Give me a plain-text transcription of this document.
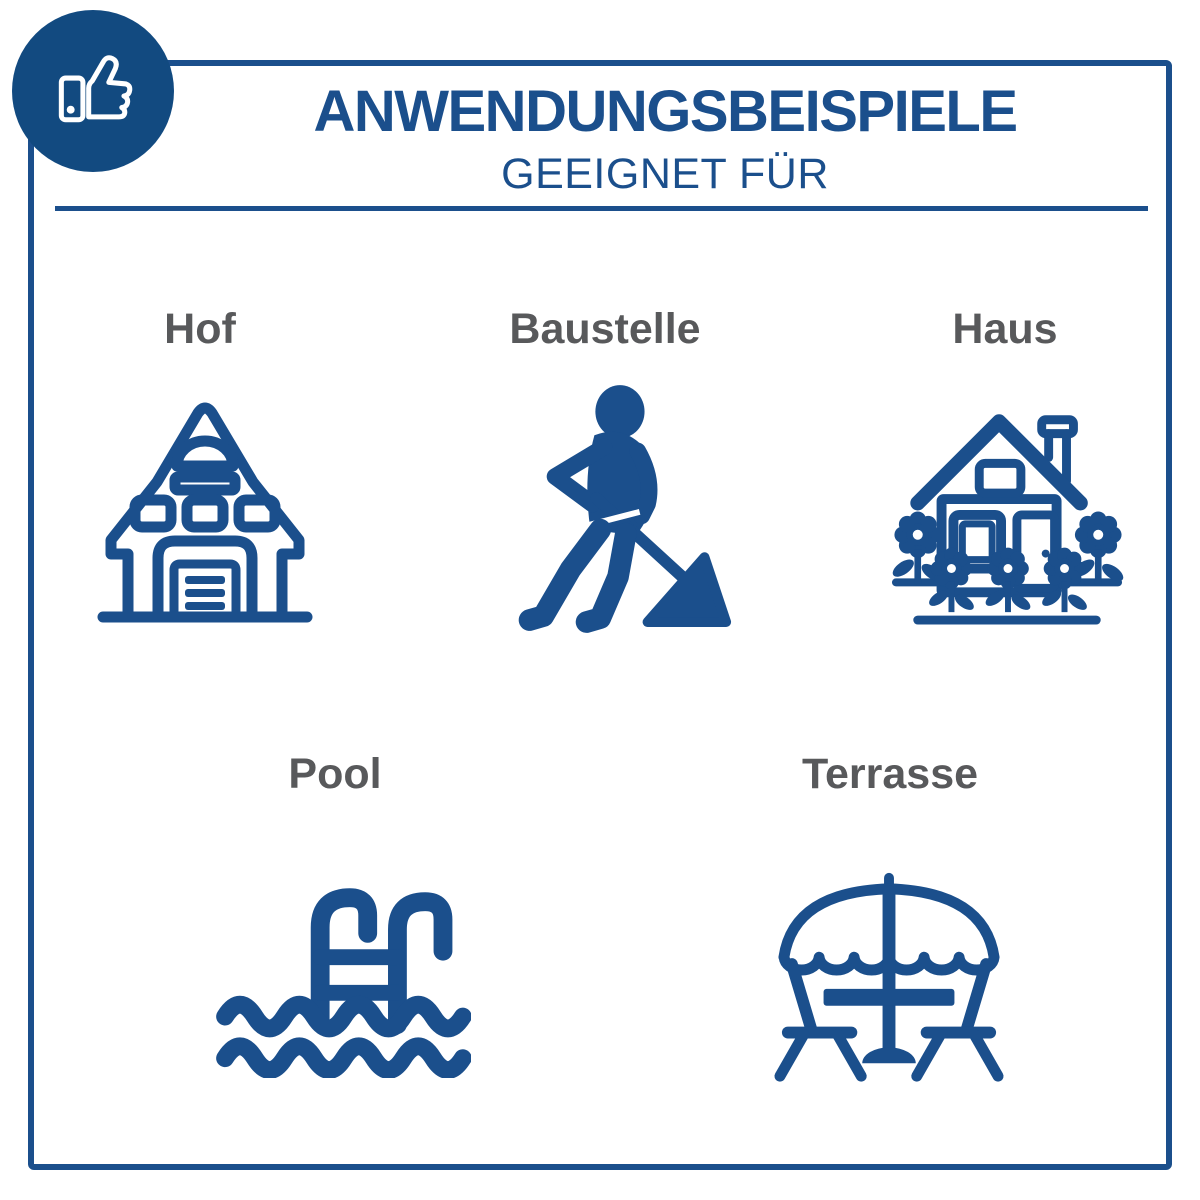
ANWENDUNGSBEISPIELE
GEEIGNET FÜR
Hof	Baustelle	Haus
Pool	Terrasse
